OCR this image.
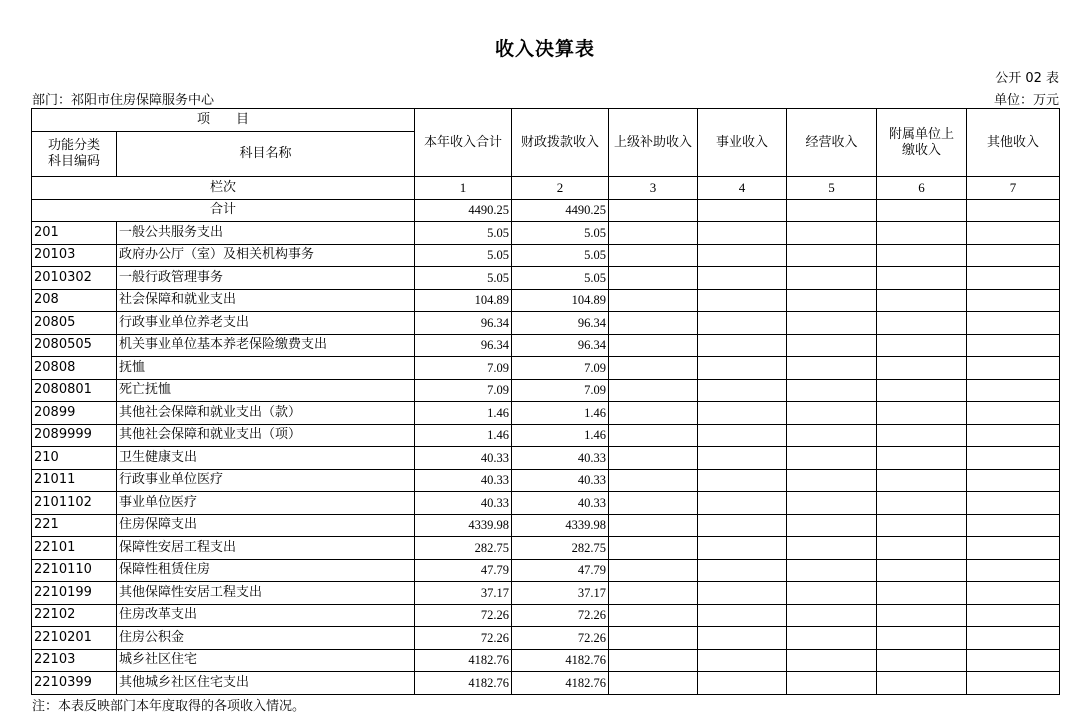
收入决算表
公开 02 表
部门：祁阳市住房保障服务中心	单位：万元
项　　目		本年收入合计	财政拨款收入	上级补助收入	事业收入	经营收入	附属单位上缴收入	其他收入
功能分类科目编码	科目名称							
栏次		1	2	3	4	5	6	7
合计		4490.25	4490.25					
201	一般公共服务支出	5.05	5.05					
20103	政府办公厅（室）及相关机构事务	5.05	5.05					
2010302	一般行政管理事务	5.05	5.05					
208	社会保障和就业支出	104.89	104.89					
20805	行政事业单位养老支出	96.34	96.34					
2080505	机关事业单位基本养老保险缴费支出	96.34	96.34					
20808	抚恤	7.09	7.09					
2080801	死亡抚恤	7.09	7.09					
20899	其他社会保障和就业支出（款）	1.46	1.46					
2089999	其他社会保障和就业支出（项）	1.46	1.46					
210	卫生健康支出	40.33	40.33					
21011	行政事业单位医疗	40.33	40.33					
2101102	事业单位医疗	40.33	40.33					
221	住房保障支出	4339.98	4339.98					
22101	保障性安居工程支出	282.75	282.75					
2210110	保障性租赁住房	47.79	47.79					
2210199	其他保障性安居工程支出	37.17	37.17					
22102	住房改革支出	72.26	72.26					
2210201	住房公积金	72.26	72.26					
22103	城乡社区住宅	4182.76	4182.76					
2210399	其他城乡社区住宅支出	4182.76	4182.76					
注：本表反映部门本年度取得的各项收入情况。
